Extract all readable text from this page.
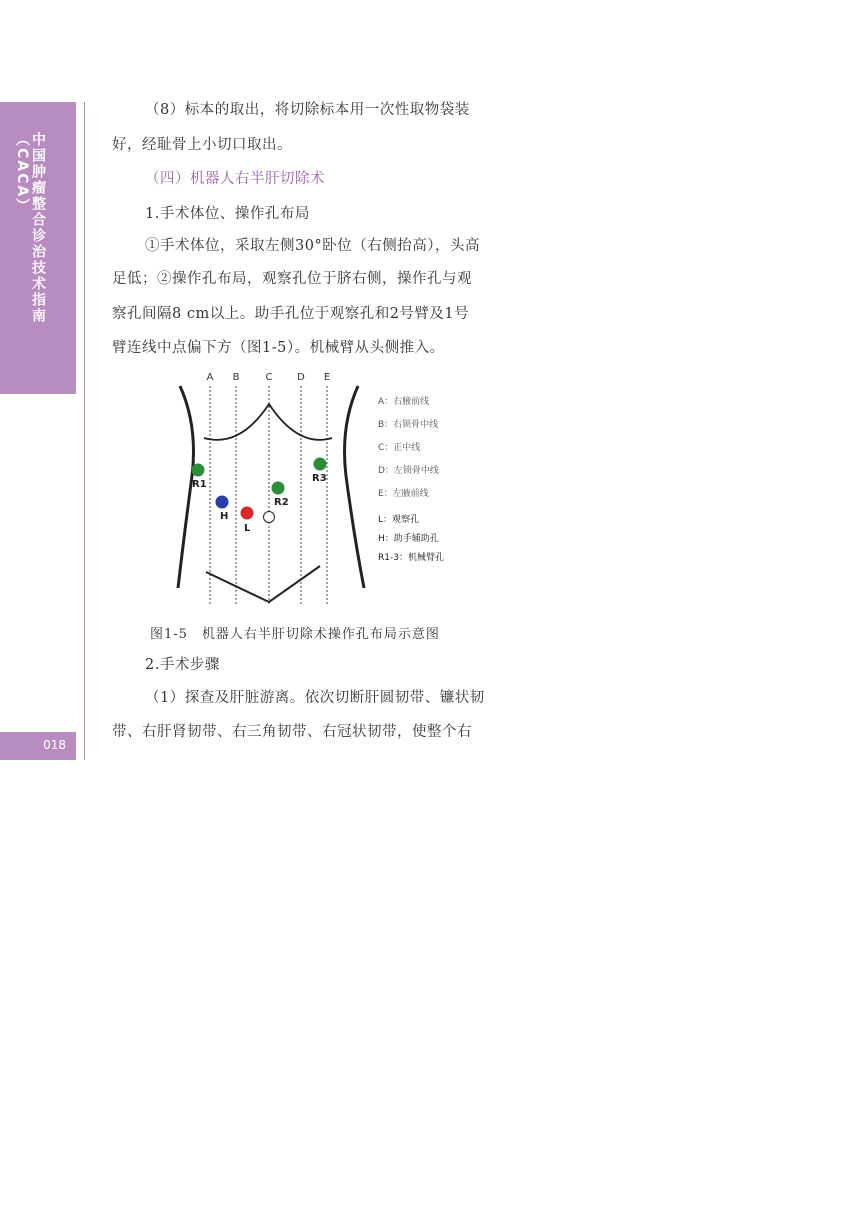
中国肿瘤整合诊治技术指南（CACA）
018
（8）标本的取出，将切除标本用一次性取物袋装
好，经耻骨上小切口取出。
（四）机器人右半肝切除术
1.手术体位、操作孔布局
①手术体位，采取左侧30°卧位（右侧抬高），头高
足低；②操作孔布局，观察孔位于脐右侧，操作孔与观
察孔间隔8 cm以上。助手孔位于观察孔和2号臂及1号
臂连线中点偏下方（图1-5）。机械臂从头侧推入。
A B	C D E
R1
R2
R3
H
L
A：右腋前线
B：右锁骨中线
C：正中线
D：左锁骨中线
E：左腋前线
L：观察孔
H：助手辅助孔
R1-3：机械臂孔
图1-5　机器人右半肝切除术操作孔布局示意图
2.手术步骤
（1）探查及肝脏游离。依次切断肝圆韧带、镰状韧
带、右肝肾韧带、右三角韧带、右冠状韧带，使整个右
